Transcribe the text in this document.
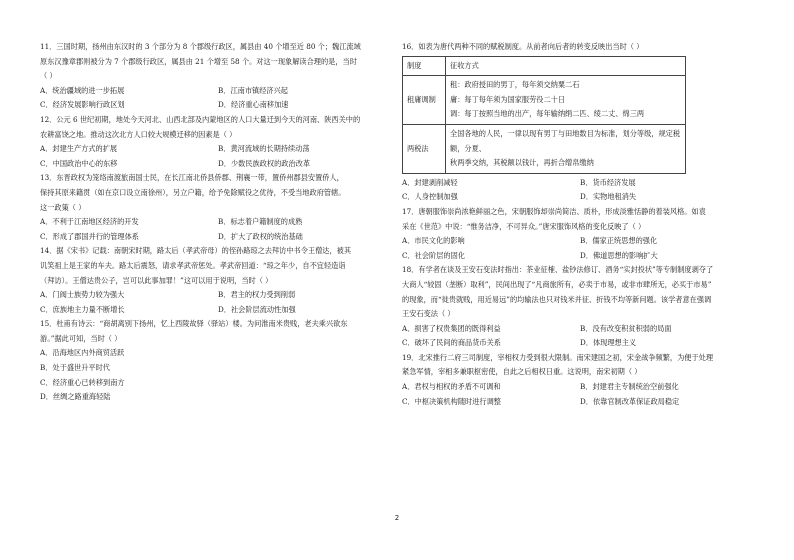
11．三国时期，扬州由东汉时的 3 个部分为 8 个郡级行政区，属县由 40 个增至近 80 个；魏江流域
原东汉豫章郡则被分为 7 个郡级行政区，属县由 21 个增至 58 个。对这一现象解读合理的是，当时
（ ）
A．统治疆域的进一步拓展	B．江南市镇经济兴起
C．经济发展影响行政区划	D．经济重心南移加速
12．公元 6 世纪初期，地处今天河北、山西北部及内蒙地区的人口大量迁到今天的河南、陕西关中的
农耕富饶之地。推动这次北方人口较大规模迁移的因素是（ ）
A．封建生产方式的扩展	B．黄河流域的长期持续动荡
C．中国政治中心的东移	D．少数民族政权的政治改革
13．东晋政权为笼络南渡旅南国士民，在长江南北侨县侨郡、荆襄一带，置侨州郡县安置侨人，
保持其原来籍贯（如在京口设立南徐州），另立户籍，给予免除赋役之优待，不受当地政府管辖。
这一政策（ ）
A．不利于江南地区经济的开发	B．标志着户籍制度的成熟
C．形成了郡国并行的管理体系	D．扩大了政权的统治基础
14．据《宋书》记载：南朝宋时期，路太后（孝武帝母）的侄孙路琼之去拜访中书令王僧达，被其
讥笑祖上是王家的车夫。路太后震怒，请求孝武帝惩处。孝武帝回道：“琼之年少，自不宜轻造诣
（拜访）。王僧达贵公子，岂可以此事加罪！”这可以用于说明，当时（ ）
A．门阀士族势力较为强大	B．君主的权力受到削弱
C．庶族地主力量不断增长	D．社会阶层流动性加强
15．杜甫有诗云：“商胡离别下扬州，忆上西陵故驿（驿站）楼。为问淮南米贵贱，老夫乘兴欲东
游。”据此可知，当时（ ）
A．沿海地区内外商贸活跃
B．处于盛世升平时代
C．经济重心已转移到南方
D．丝绸之路重海轻陆
16．如表为唐代两种不同的赋税制度。从前者向后者的转变反映出当时（ ）
制度	征收方式
租庸调制	租：政府授田的男丁，每年须交纳粟二石
庸：每丁每年须为国家服劳役二十日
调：每丁按照当地的出产，每年输纳绢二匹、绫二丈、绵三两

两税法	全国各地的人民，一律以现有男丁与田地数目为标准，划分等级，规定税额，分夏、
秋两季交纳，其税额以钱计，再折合缯帛缴纳
A．封建剥削减轻	B．货币经济发展
C．人身控制加强	D．实物地租消失
17．唐朝服饰崇尚浓艳鲜丽之色，宋朝服饰却崇尚简洁、质朴，形成淡雅恬静的着装风格。如袁
采在《世范》中说：“惟务洁净，不可异众。”唐宋服饰风格的变化反映了（ ）
A．市民文化的影响	B．儒家正统思想的强化
C．社会阶层的固化	D．佛道思想的影响扩大
18．有学者在谈及王安石变法时指出：茶业征榷、盐钞法修订、酒务“实封投状”等专制制度剥夺了
大商人“较固（垄断）取利”，民间出现了“凡商旅所有，必卖于市易，或非市肆所无，必买于市易”
的现象，而“徙贵就贱，用近易远”的均输法也只对钱米并征、折钱不均等新问题。该学者意在强调
王安石变法（ ）
A．损害了权贵集团的既得利益	B．没有改变积贫积弱的局面
C．破坏了民间的商品货币关系	D．体现理想主义
19．北宋推行二府三司制度，宰相权力受到很大限制。南宋建国之初，宋金战争频繁，为便于处理
紧急军情，宰相多兼职枢密使，自此之后相权日重。这说明，南宋初期（ ）
A．君权与相权的矛盾不可调和	B．封建君主专制统治空前强化
C．中枢决策机构随时进行调整	D．依靠官制改革保证政局稳定
2
